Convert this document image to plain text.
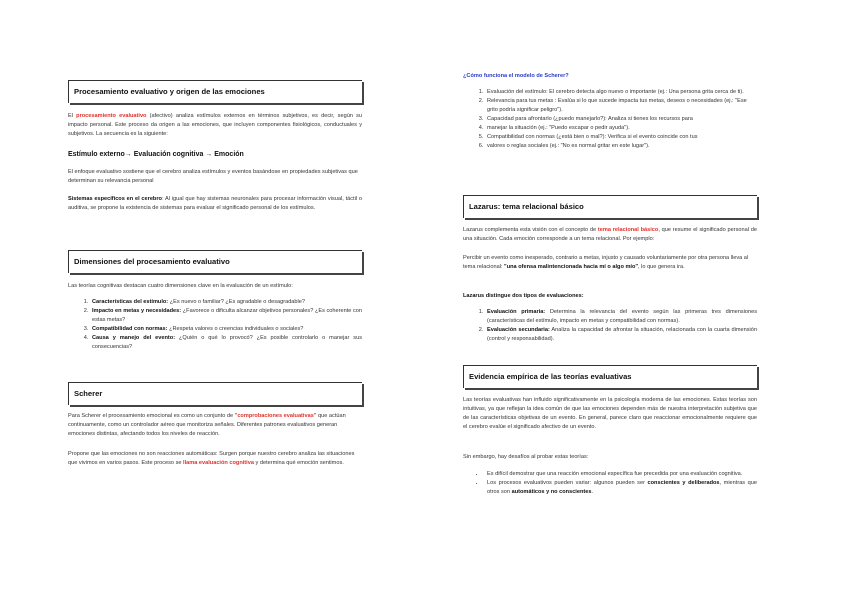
Procesamiento evaluativo y origen de las emociones
El procesamiento evaluativo (afectivo) analiza estímulos externos en términos subjetivos, es decir, según su impacto personal. Este proceso da origen a las emociones, que incluyen componentes fisiológicos, conductuales y subjetivos. La secuencia es la siguiente:
Estímulo externo→ Evaluación cognitiva → Emoción
El enfoque evaluativo sostiene que el cerebro analiza estímulos y eventos basándose en propiedades subjetivas que determinan su relevancia personal
Sistemas específicos en el cerebro: Al igual que hay sistemas neuronales para procesar información visual, táctil o auditiva, se propone la existencia de sistemas para evaluar el significado personal de los estímulos.
Dimensiones del procesamiento evaluativo
Las teorías cognitivas destacan cuatro dimensiones clave en la evaluación de un estímulo:
1. Características del estímulo: ¿Es nuevo o familiar? ¿Es agradable o desagradable?
2. Impacto en metas y necesidades: ¿Favorece o dificulta alcanzar objetivos personales? ¿Es coherente con estas metas?
3. Compatibilidad con normas: ¿Respeta valores o creencias individuales o sociales?
4. Causa y manejo del evento: ¿Quién o qué lo provocó? ¿Es posible controlarlo o manejar sus consecuencias?
Scherer
Para Scherer el procesamiento emocional es como un conjunto de "comprobaciones evaluativas" que actúan continuamente, como un controlador aéreo que monitoriza señales. Diferentes patrones evaluativos generan emociones distintas, afectando todos los niveles de reacción.
Propone que las emociones no son reacciones automáticas: Surgen porque nuestro cerebro analiza las situaciones que vivimos en varios pasos. Este proceso se llama evaluación cognitiva y determina qué emoción sentimos.
¿Cómo funciona el modelo de Scherer?
1. Evaluación del estímulo: El cerebro detecta algo nuevo o importante (ej.: Una persona grita cerca de ti).
2. Relevancia para tus metas : Evalúa si lo que sucede impacta tus metas, deseos o necesidades (ej.: "Ese grito podría significar peligro").
3. Capacidad para afrontarlo (¿puedo manejarlo?): Analiza si tienes los recursos para
4. manejar la situación (ej.: "Puedo escapar o pedir ayuda").
5. Compatibilidad con normas (¿está bien o mal?): Verifica si el evento coincide con tus
6. valores o reglas sociales (ej.: "No es normal gritar en este lugar").
Lazarus: tema relacional básico
Lazarus complementa esta visión con el concepto de tema relacional básico, que resume el significado personal de una situación. Cada emoción corresponde a un tema relacional. Por ejemplo:
Percibir un evento como inesperado, contrario a metas, injusto y causado voluntariamente por otra persona lleva al tema relacional: "una ofensa malintencionada hacia mí o algo mío", lo que genera ira.
Lazarus distingue dos tipos de evaluaciones:
1. Evaluación primaria: Determina la relevancia del evento según las primeras tres dimensiones (características del estímulo, impacto en metas y compatibilidad con normas).
2. Evaluación secundaria: Analiza la capacidad de afrontar la situación, relacionada con la cuarta dimensión (control y responsabilidad).
Evidencia empírica de las teorías evaluativas
Las teorías evaluativas han influido significativamente en la psicología moderna de las emociones. Estas teorías son intuitivas, ya que reflejan la idea común de que las emociones dependen más de nuestra interpretación subjetiva que de las características objetivas de un evento. En general, parece claro que reaccionar emocionalmente requiere que el cerebro evalúe el significado afectivo de un evento.
Sin embargo, hay desafíos al probar estas teorías:
• Es difícil demostrar que una reacción emocional específica fue precedida por una evaluación cognitiva.
• Los procesos evaluativos pueden variar: algunos pueden ser conscientes y deliberados, mientras que otros son automáticos y no conscientes.
